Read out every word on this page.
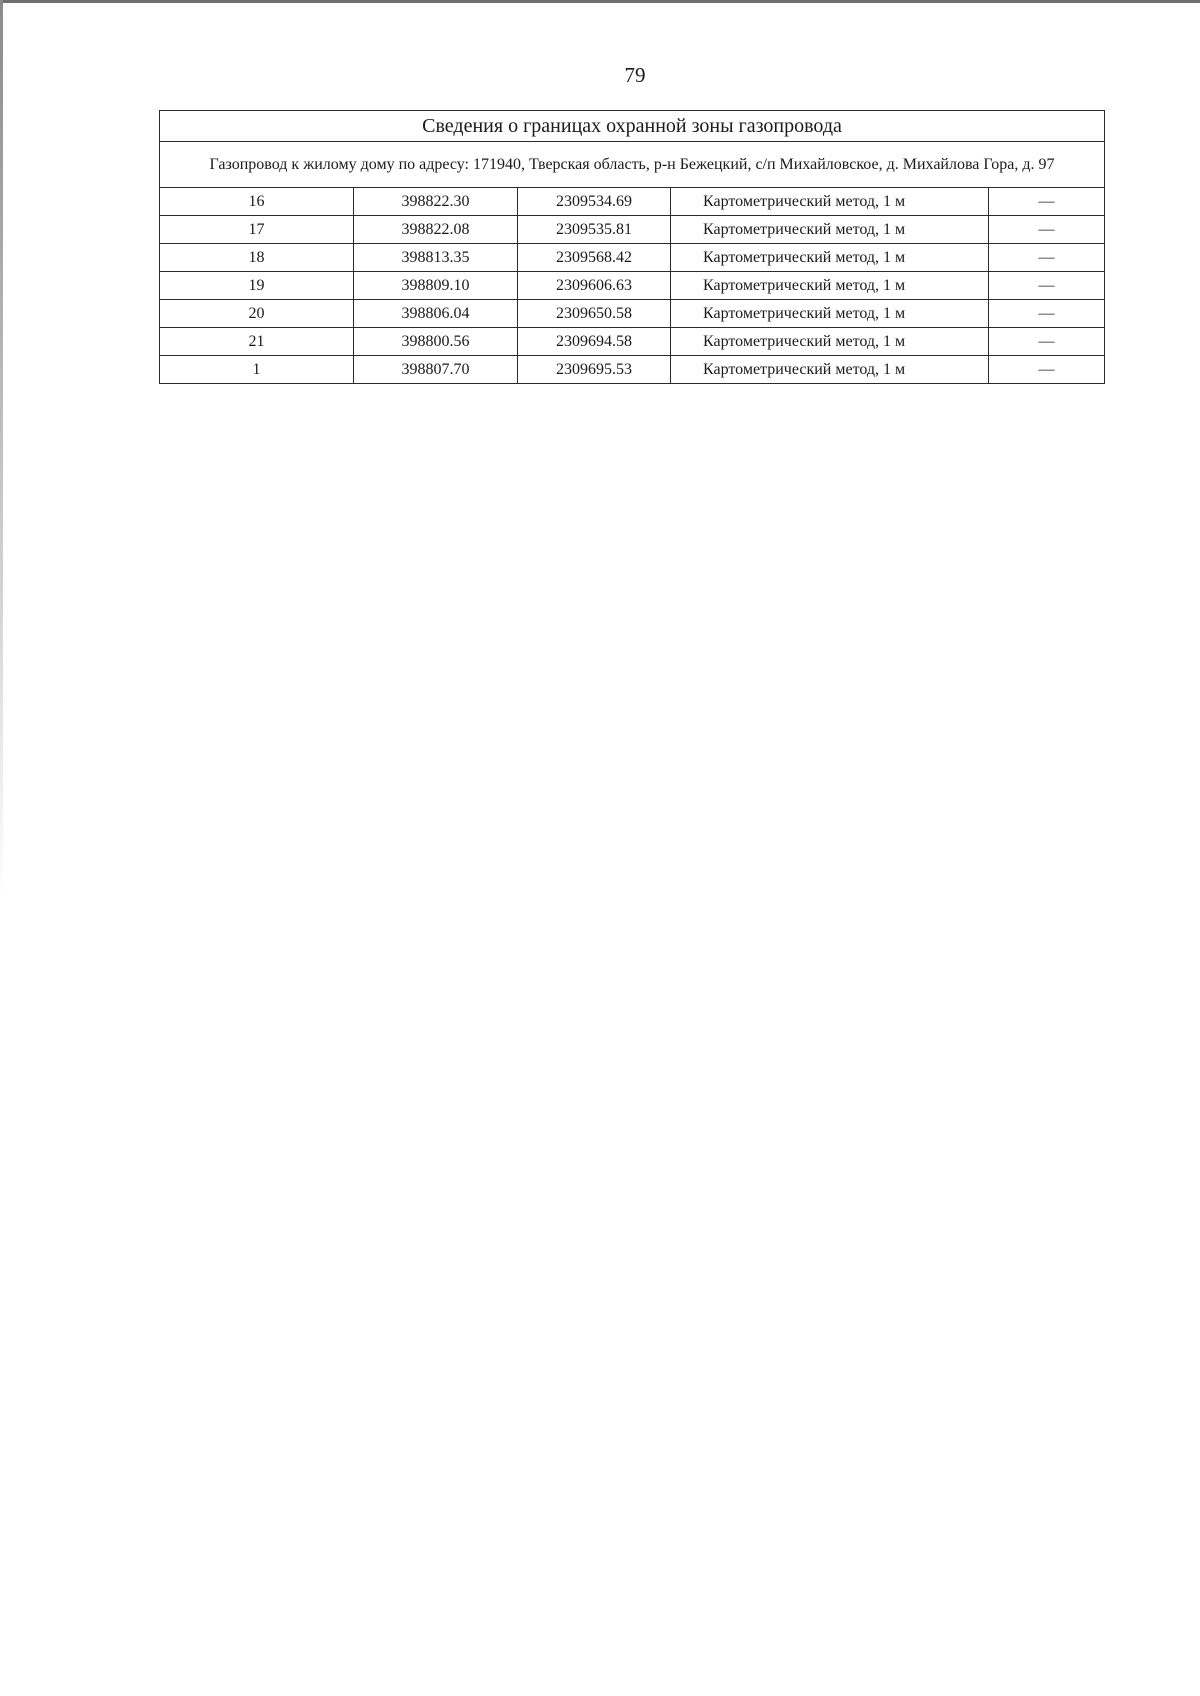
79
Сведения о границах охранной зоны газопровода				
Газопровод к жилому дому по адресу: 171940, Тверская область, р-н Бежецкий, с/п Михайловское, д. Михайлова Гора, д. 97				
16	398822.30	2309534.69	Картометрический метод, 1 м	—
17	398822.08	2309535.81	Картометрический метод, 1 м	—
18	398813.35	2309568.42	Картометрический метод, 1 м	—
19	398809.10	2309606.63	Картометрический метод, 1 м	—
20	398806.04	2309650.58	Картометрический метод, 1 м	—
21	398800.56	2309694.58	Картометрический метод, 1 м	—
1	398807.70	2309695.53	Картометрический метод, 1 м	—
